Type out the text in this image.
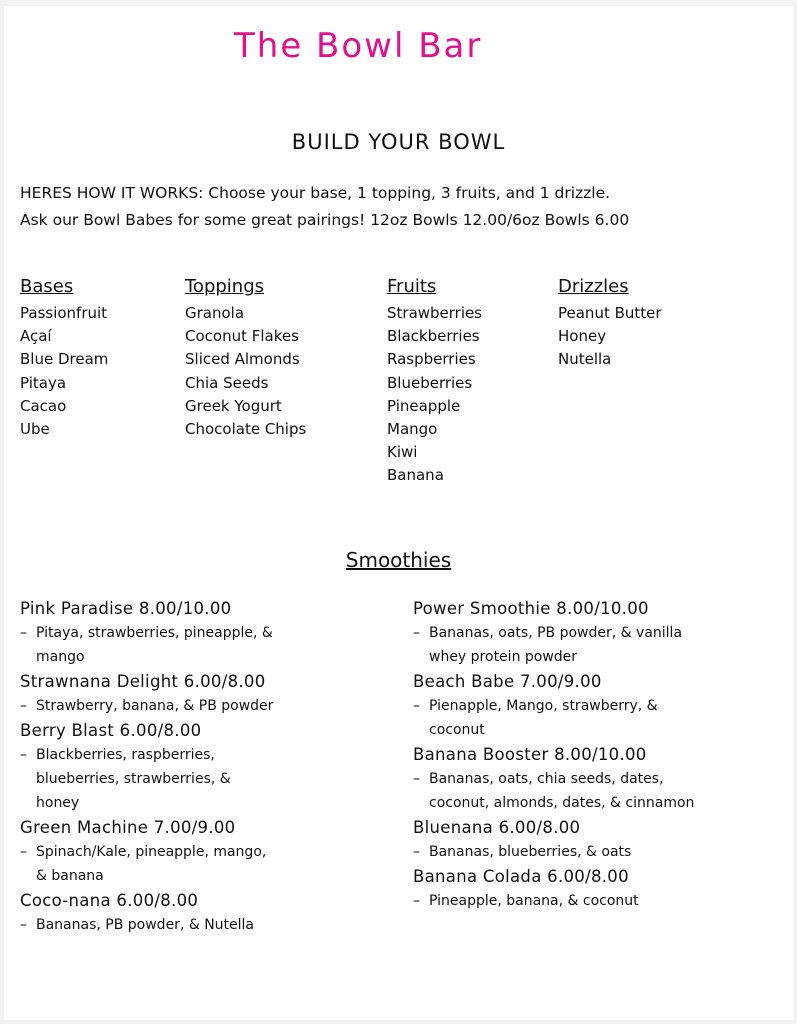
The Bowl Bar
BUILD YOUR BOWL
HERES HOW IT WORKS: Choose your base, 1 topping, 3 fruits, and 1 drizzle.
Ask our Bowl Babes for some great pairings! 12oz Bowls 12.00/6oz Bowls 6.00
Bases
Passionfruit
Açaí
Blue Dream
Pitaya
Cacao
Ube
Toppings
Granola
Coconut Flakes
Sliced Almonds
Chia Seeds
Greek Yogurt
Chocolate Chips
Fruits
Strawberries
Blackberries
Raspberries
Blueberries
Pineapple
Mango
Kiwi
Banana
Drizzles
Peanut Butter
Honey
Nutella
Smoothies
Pink Paradise 8.00/10.00
– Pitaya, strawberries, pineapple, &
mango
Strawnana Delight 6.00/8.00
– Strawberry, banana, & PB powder
Berry Blast 6.00/8.00
– Blackberries, raspberries,
blueberries, strawberries, &
honey
Green Machine 7.00/9.00
– Spinach/Kale, pineapple, mango,
& banana
Coco-nana 6.00/8.00
– Bananas, PB powder, & Nutella
Power Smoothie 8.00/10.00
– Bananas, oats, PB powder, & vanilla
whey protein powder
Beach Babe 7.00/9.00
– Pienapple, Mango, strawberry, &
coconut
Banana Booster 8.00/10.00
– Bananas, oats, chia seeds, dates,
coconut, almonds, dates, & cinnamon
Bluenana 6.00/8.00
– Bananas, blueberries, & oats
Banana Colada 6.00/8.00
– Pineapple, banana, & coconut
